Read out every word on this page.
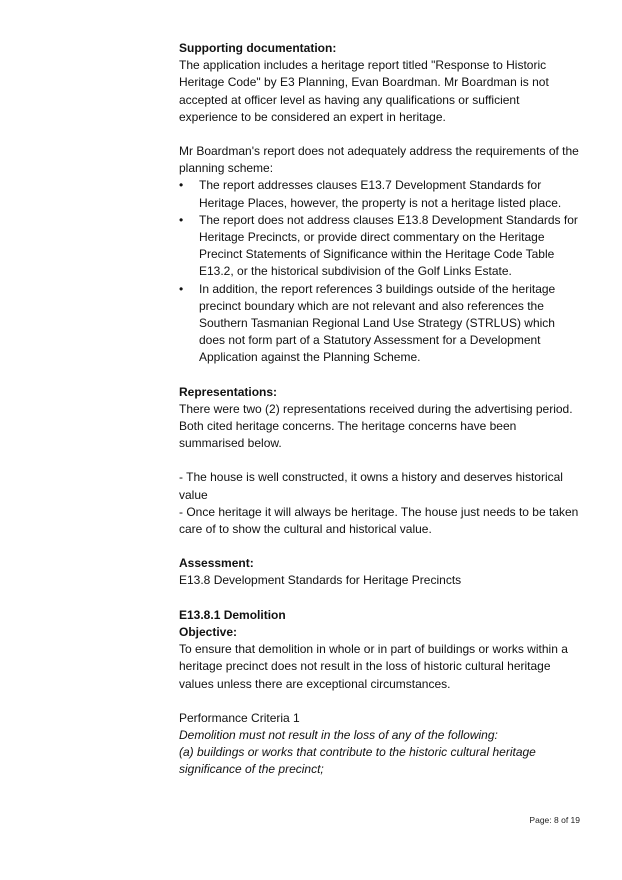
Supporting documentation:

The application includes a heritage report titled "Response to Historic Heritage Code" by E3 Planning, Evan Boardman. Mr Boardman is not accepted at officer level as having any qualifications or sufficient experience to be considered an expert in heritage.

Mr Boardman's report does not adequately address the requirements of the planning scheme:

• The report addresses clauses E13.7 Development Standards for Heritage Places, however, the property is not a heritage listed place.
• The report does not address clauses E13.8 Development Standards for Heritage Precincts, or provide direct commentary on the Heritage Precinct Statements of Significance within the Heritage Code Table E13.2, or the historical subdivision of the Golf Links Estate.
• In addition, the report references 3 buildings outside of the heritage precinct boundary which are not relevant and also references the Southern Tasmanian Regional Land Use Strategy (STRLUS) which does not form part of a Statutory Assessment for a Development Application against the Planning Scheme.

Representations:

There were two (2) representations received during the advertising period. Both cited heritage concerns. The heritage concerns have been summarised below.

- The house is well constructed, it owns a history and deserves historical value

- Once heritage it will always be heritage. The house just needs to be taken care of to show the cultural and historical value.

Assessment:

E13.8 Development Standards for Heritage Precincts

E13.8.1 Demolition

Objective:

To ensure that demolition in whole or in part of buildings or works within a heritage precinct does not result in the loss of historic cultural heritage values unless there are exceptional circumstances.

Performance Criteria 1

Demolition must not result in the loss of any of the following:

(a) buildings or works that contribute to the historic cultural heritage significance of the precinct;

Page: 8 of 19
